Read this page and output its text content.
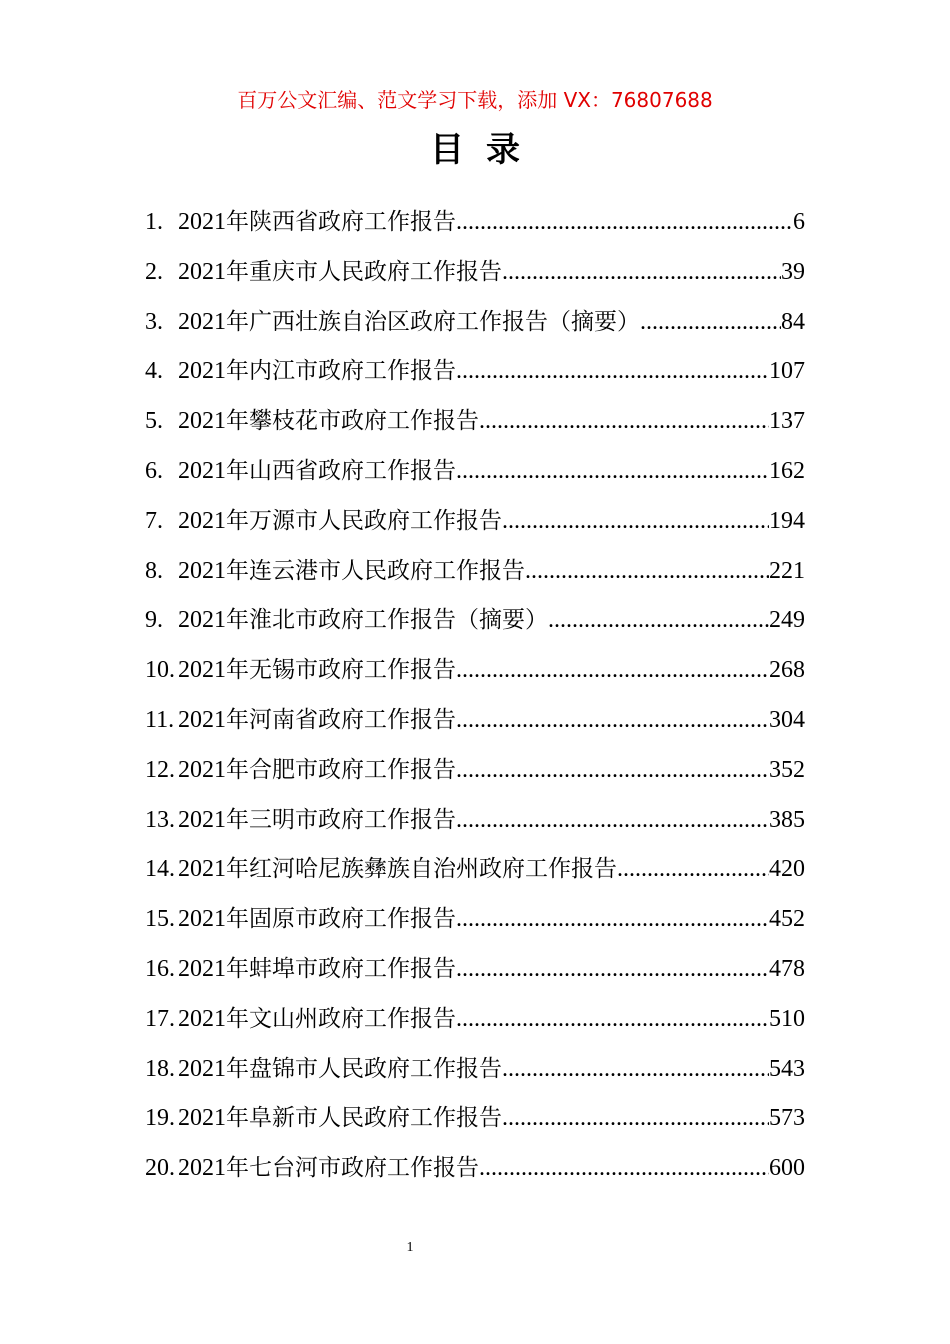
百万公文汇编、范文学习下载，添加 VX：76807688
目录
1. 2021 年陕西省政府工作报告 .....	6
2. 2021 年重庆市人民政府工作报告 .....	39
3. 2021 年广西壮族自治区政府工作报告（摘要） .....	84
4. 2021 年内江市政府工作报告 .....	107
5. 2021 年攀枝花市政府工作报告 .....	137
6. 2021 年山西省政府工作报告 .....	162
7. 2021 年万源市人民政府工作报告 .....	194
8. 2021 年连云港市人民政府工作报告 .....	221
9. 2021 年淮北市政府工作报告（摘要） .....	249
10. 2021 年无锡市政府工作报告 .....	268
11. 2021 年河南省政府工作报告 .....	304
12. 2021 年合肥市政府工作报告 .....	352
13. 2021 年三明市政府工作报告 .....	385
14. 2021 年红河哈尼族彝族自治州政府工作报告 .....	420
15. 2021 年固原市政府工作报告 .....	452
16. 2021 年蚌埠市政府工作报告 .....	478
17. 2021 年文山州政府工作报告 .....	510
18. 2021 年盘锦市人民政府工作报告 .....	543
19. 2021 年阜新市人民政府工作报告 .....	573
20. 2021 年七台河市政府工作报告 .....	600
1
